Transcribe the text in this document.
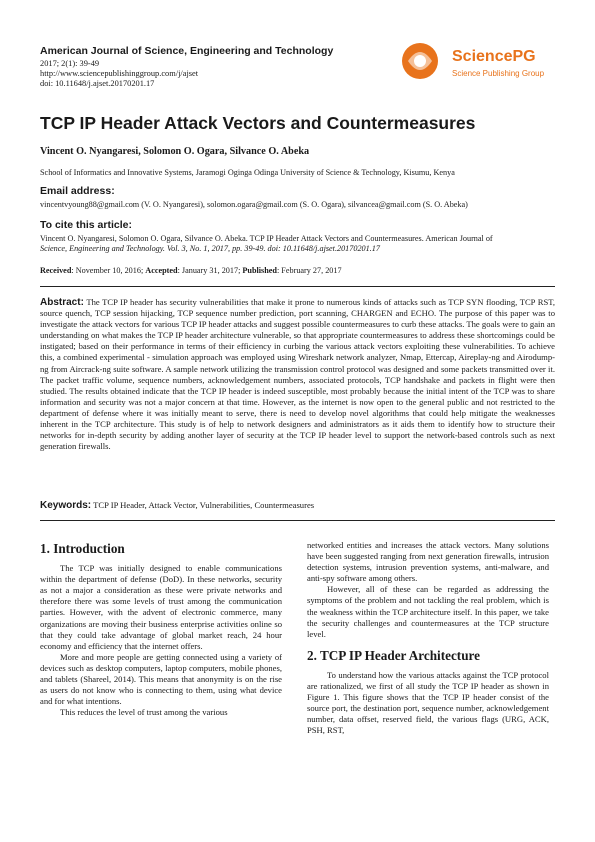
American Journal of Science, Engineering and Technology
2017; 2(1): 39-49
http://www.sciencepublishinggroup.com/j/ajset
doi: 10.11648/j.ajset.20170201.17
SciencePG
Science Publishing Group
TCP IP Header Attack Vectors and Countermeasures
Vincent O. Nyangaresi, Solomon O. Ogara, Silvance O. Abeka
School of Informatics and Innovative Systems, Jaramogi Oginga Odinga University of Science & Technology, Kisumu, Kenya
Email address:
vincentvyoung88@gmail.com (V. O. Nyangaresi), solomon.ogara@gmail.com (S. O. Ogara), silvancea@gmail.com (S. O. Abeka)
To cite this article:
Vincent O. Nyangaresi, Solomon O. Ogara, Silvance O. Abeka. TCP IP Header Attack Vectors and Countermeasures. American Journal of
Science, Engineering and Technology. Vol. 3, No. 1, 2017, pp. 39-49. doi: 10.11648/j.ajset.20170201.17
Received: November 10, 2016; Accepted: January 31, 2017; Published: February 27, 2017
Abstract: The TCP IP header has security vulnerabilities that make it prone to numerous kinds of attacks such as TCP SYN flooding, TCP RST, source quench, TCP session hijacking, TCP sequence number prediction, port scanning, CHARGEN and ECHO. The purpose of this paper was to investigate the attack vectors for various TCP IP header attacks and suggest possible countermeasures to curb these attacks. The goals were to gain an understanding on what makes the TCP IP header architecture vulnerable, so that appropriate countermeasures to address these shortcomings could be instigated; based on their performance in terms of their efficiency in curbing the various attack vectors exploiting these vulnerabilities. To achieve this, a combined experimental - simulation approach was employed using Wireshark network analyzer, Nmap, Ettercap, Aireplay-ng and Airodump-ng from Aircrack-ng suite software. A sample network utilizing the transmission control protocol was designed and some packets transmitted over it. The packet traffic volume, sequence numbers, acknowledgement numbers, associated protocols, TCP handshake and packets in flight were then studied. The results obtained indicate that the TCP IP header is indeed susceptible, most probably because the initial intent of the TCP was to share information and security was not a major concern at that time. However, as the internet is now open to the general public and not restricted to the department of defense where it was initially meant to serve, there is need to develop novel algorithms that could help mitigate the weaknesses inherent in the TCP architecture. This study is of help to network designers and administrators as it aids them to identify how to structure their networks for in-depth security by adding another layer of security at the TCP IP header level to support the network-based controls such as next generation firewalls.
Keywords: TCP IP Header, Attack Vector, Vulnerabilities, Countermeasures
1. Introduction

The TCP was initially designed to enable communications within the department of defense (DoD). In these networks, security as not a major a consideration as these were private networks and therefore there was some levels of trust among the communication parties. However, with the advent of electronic commerce, many organizations are moving their business enterprise activities online so that they could take advantage of global market reach, 24 hour economy and efficiency that the internet offers.

More and more people are getting connected using a variety of devices such as desktop computers, laptop computers, mobile phones, and tablets (Shareel, 2014). This means that anonymity is on the rise as users do not know who is connecting to them, using what device and for what intentions.

This reduces the level of trust among the various

networked entities and increases the attack vectors. Many solutions have been suggested ranging from next generation firewalls, intrusion detection systems, intrusion prevention systems, anti-malware, and anti-spy software among others.

However, all of these can be regarded as addressing the symptoms of the problem and not tackling the real problem, which is the weakness within the TCP architecture itself. In this paper, we take the security challenges and countermeasures at the TCP structure level.

2. TCP IP Header Architecture

To understand how the various attacks against the TCP protocol are rationalized, we first of all study the TCP IP header as shown in Figure 1. This figure shows that the TCP IP header consist of the source port, the destination port, sequence number, acknowledgement number, data offset, reserved field, the various flags (URG, ACK, PSH, RST,
